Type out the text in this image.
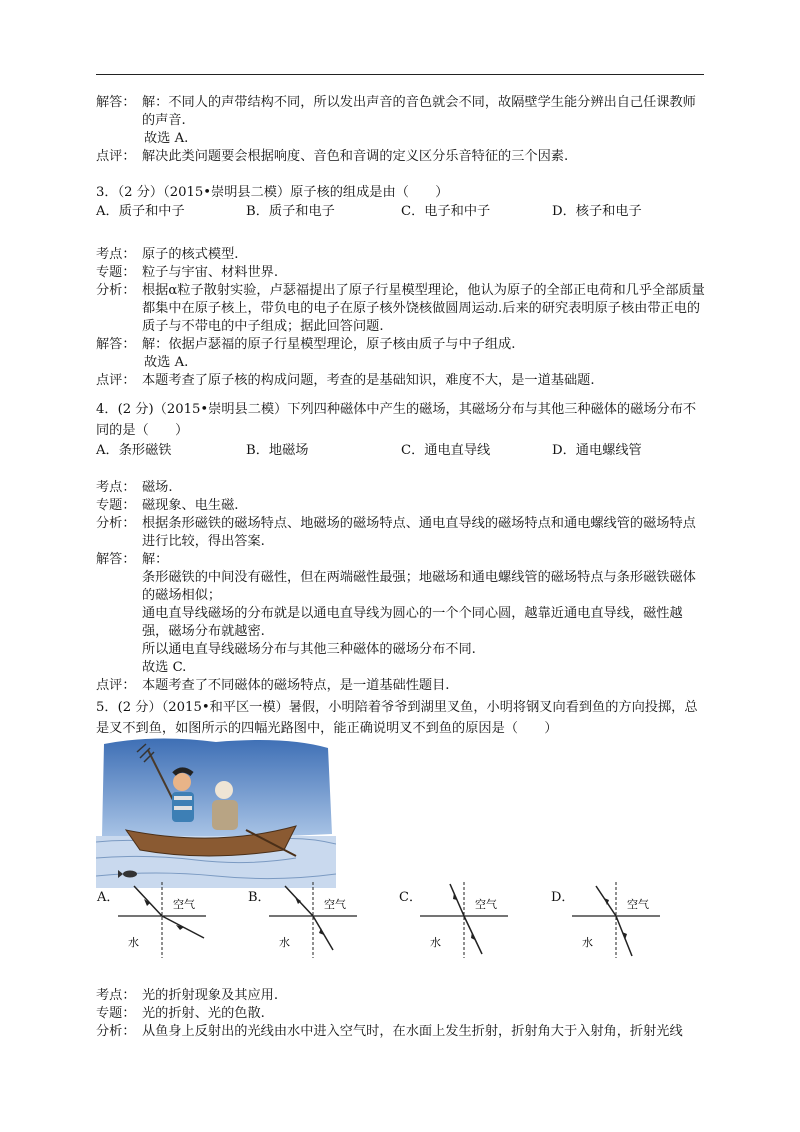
解答： 解：不同人的声带结构不同，所以发出声音的音色就会不同，故隔壁学生能分辨出自己任课教师的声音.
故选 A.
点评： 解决此类问题要会根据响度、音色和音调的定义区分乐音特征的三个因素.
3．（2 分）（2015•崇明县二模）原子核的组成是由（　　）
A．质子和中子	B．质子和电子	C．电子和中子	D．核子和电子
考点： 原子的核式模型.
专题： 粒子与宇宙、材料世界.
分析： 根据α粒子散射实验，卢瑟福提出了原子行星模型理论，他认为原子的全部正电荷和几乎全部质量都集中在原子核上，带负电的电子在原子核外饶核做圆周运动.后来的研究表明原子核由带正电的质子与不带电的中子组成；据此回答问题.
解答： 解：依据卢瑟福的原子行星模型理论，原子核由质子与中子组成.
故选 A.
点评： 本题考查了原子核的构成问题，考查的是基础知识，难度不大，是一道基础题.
4．(2 分)（2015•崇明县二模）下列四种磁体中产生的磁场，其磁场分布与其他三种磁体的磁场分布不同的是（　　）
A．条形磁铁	B．地磁场	C．通电直导线	D．通电螺线管
考点： 磁场.
专题： 磁现象、电生磁.
分析： 根据条形磁铁的磁场特点、地磁场的磁场特点、通电直导线的磁场特点和通电螺线管的磁场特点进行比较，得出答案.
解答： 解：
条形磁铁的中间没有磁性，但在两端磁性最强；地磁场和通电螺线管的磁场特点与条形磁铁磁体的磁场相似；
通电直导线磁场的分布就是以通电直导线为圆心的一个个同心圆，越靠近通电直导线，磁性越强，磁场分布就越密.
所以通电直导线磁场分布与其他三种磁体的磁场分布不同.
故选 C.
点评： 本题考查了不同磁体的磁场特点，是一道基础性题目.
5．(2 分）（2015•和平区一模）暑假，小明陪着爷爷到湖里叉鱼，小明将钢叉向看到鱼的方向投掷，总是叉不到鱼，如图所示的四幅光路图中，能正确说明叉不到鱼的原因是（　　）
A．	空气
水
B．	空气
水
C．	空气
水
D．	空气
水
考点： 光的折射现象及其应用.
专题： 光的折射、光的色散.
分析： 从鱼身上反射出的光线由水中进入空气时，在水面上发生折射，折射角大于入射角，折射光线
